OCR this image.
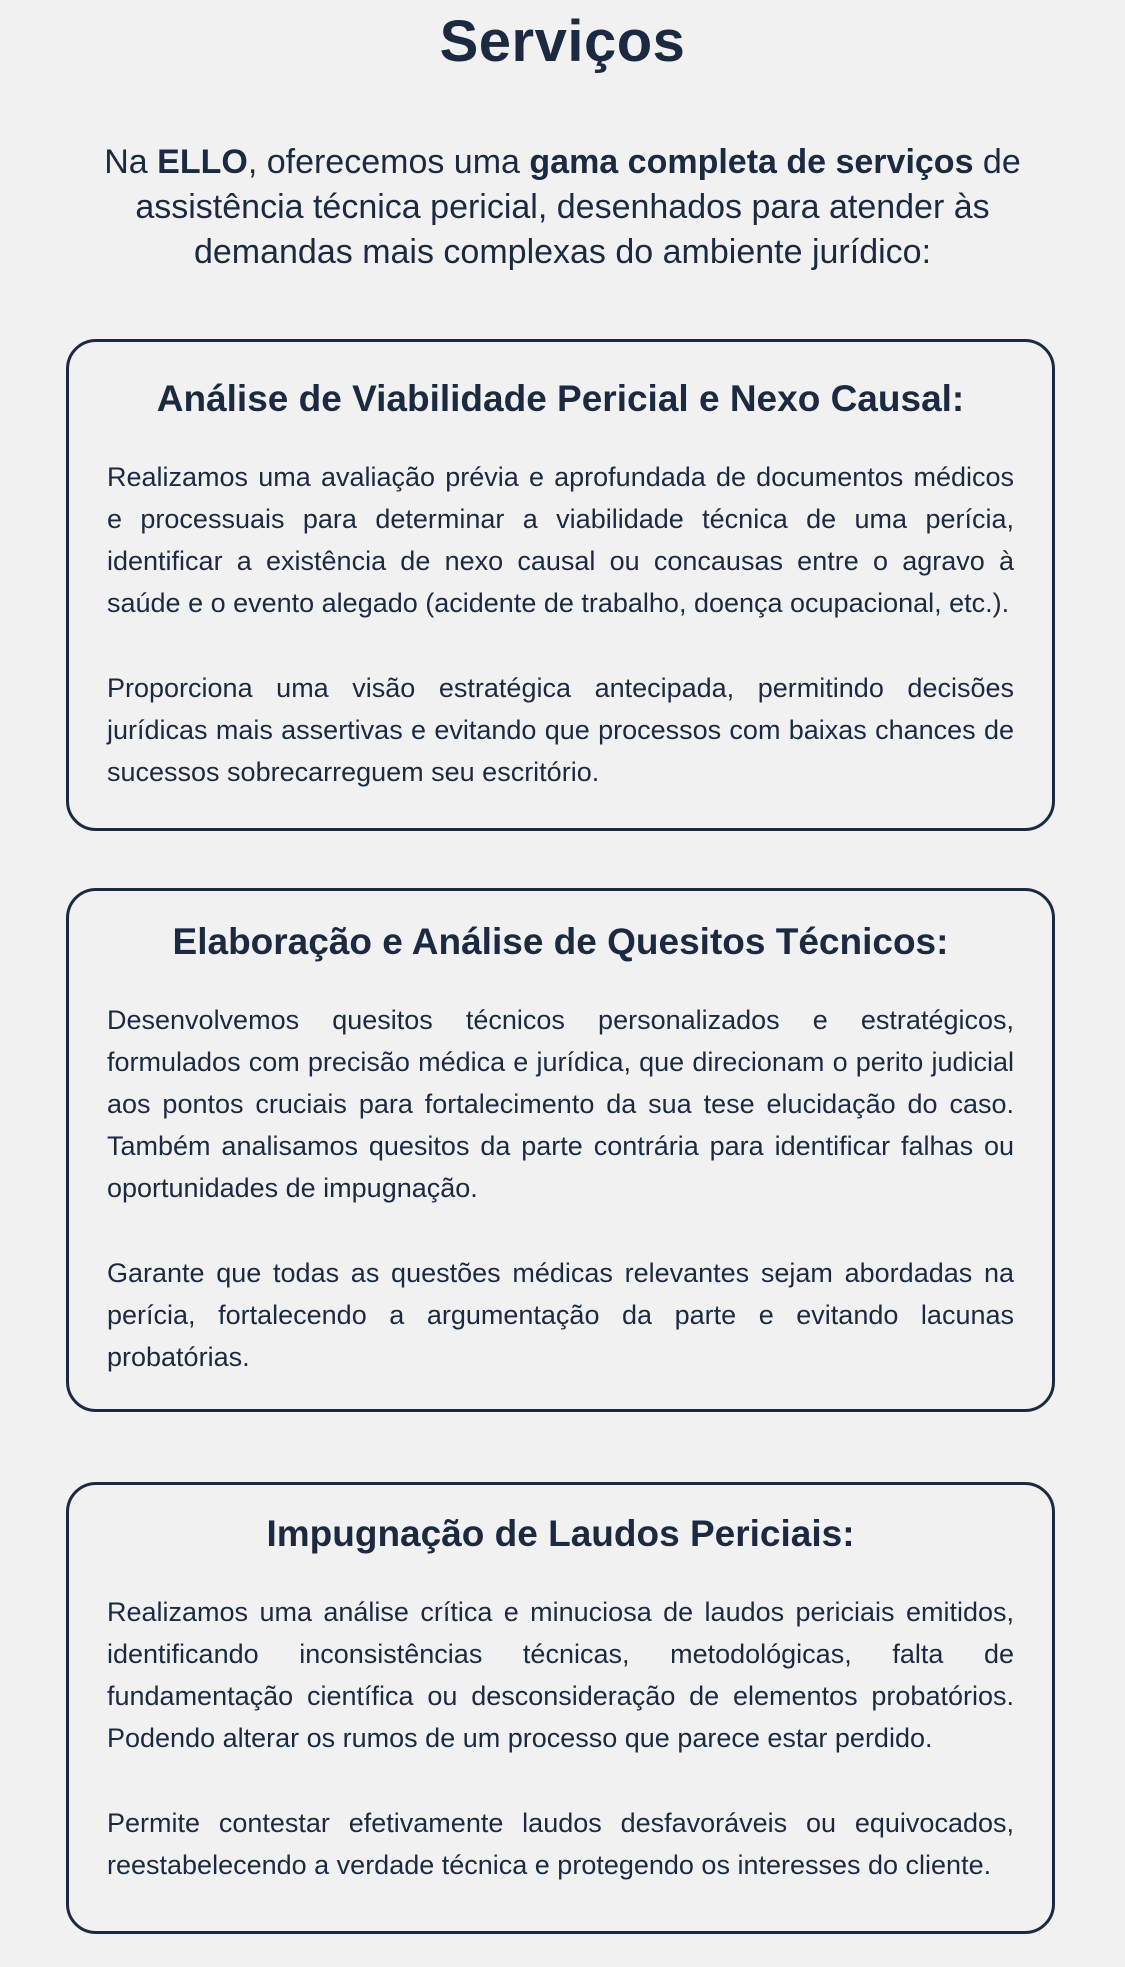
Serviços

Na ELLO, oferecemos uma gama completa de serviços de assistência técnica pericial, desenhados para atender às demandas mais complexas do ambiente jurídico:

Análise de Viabilidade Pericial e Nexo Causal:

Realizamos uma avaliação prévia e aprofundada de documentos médicos e processuais para determinar a viabilidade técnica de uma perícia, identificar a existência de nexo causal ou concausas entre o agravo à saúde e o evento alegado (acidente de trabalho, doença ocupacional, etc.).

Proporciona uma visão estratégica antecipada, permitindo decisões jurídicas mais assertivas e evitando que processos com baixas chances de sucessos sobrecarreguem seu escritório.

Elaboração e Análise de Quesitos Técnicos:

Desenvolvemos quesitos técnicos personalizados e estratégicos, formulados com precisão médica e jurídica, que direcionam o perito judicial aos pontos cruciais para fortalecimento da sua tese elucidação do caso. Também analisamos quesitos da parte contrária para identificar falhas ou oportunidades de impugnação.

Garante que todas as questões médicas relevantes sejam abordadas na perícia, fortalecendo a argumentação da parte e evitando lacunas probatórias.

Impugnação de Laudos Periciais:

Realizamos uma análise crítica e minuciosa de laudos periciais emitidos, identificando inconsistências técnicas, metodológicas, falta de fundamentação científica ou desconsideração de elementos probatórios. Podendo alterar os rumos de um processo que parece estar perdido.

Permite contestar efetivamente laudos desfavoráveis ou equivocados, reestabelecendo a verdade técnica e protegendo os interesses do cliente.
